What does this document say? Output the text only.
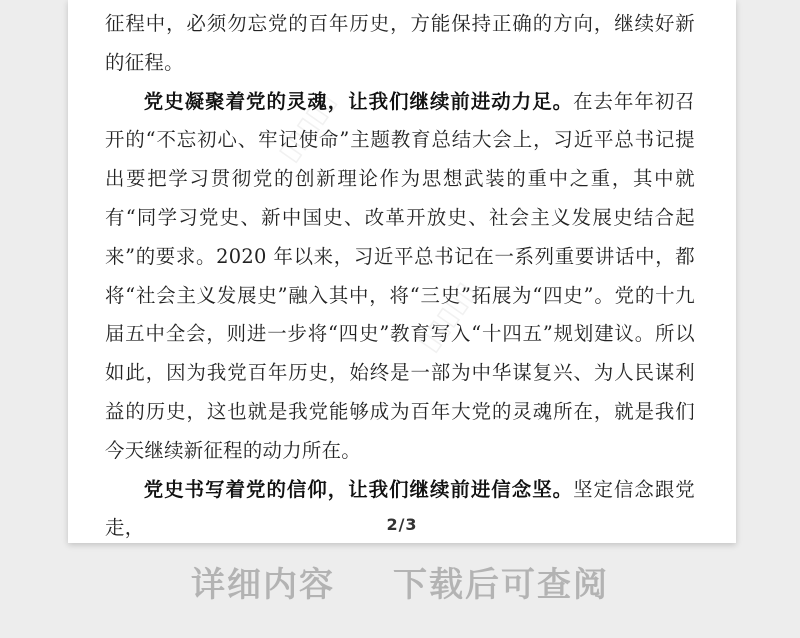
▯▯▯▯▯
▯▯▯▯▯

征程中，必须勿忘党的百年历史，方能保持正确的方向，继续好新的征程。

党史凝聚着党的灵魂，让我们继续前进动力足。在去年年初召开的“不忘初心、牢记使命”主题教育总结大会上，习近平总书记提出要把学习贯彻党的创新理论作为思想武装的重中之重，其中就有“同学习党史、新中国史、改革开放史、社会主义发展史结合起来”的要求。2020 年以来，习近平总书记在一系列重要讲话中，都将“社会主义发展史”融入其中，将“三史”拓展为“四史”。党的十九届五中全会，则进一步将“四史”教育写入“十四五”规划建议。所以如此，因为我党百年历史，始终是一部为中华谋复兴、为人民谋利益的历史，这也就是我党能够成为百年大党的灵魂所在，就是我们今天继续新征程的动力所在。

党史书写着党的信仰，让我们继续前进信念坚。坚定信念跟党走，	2/3
详细内容 下载后可查阅
